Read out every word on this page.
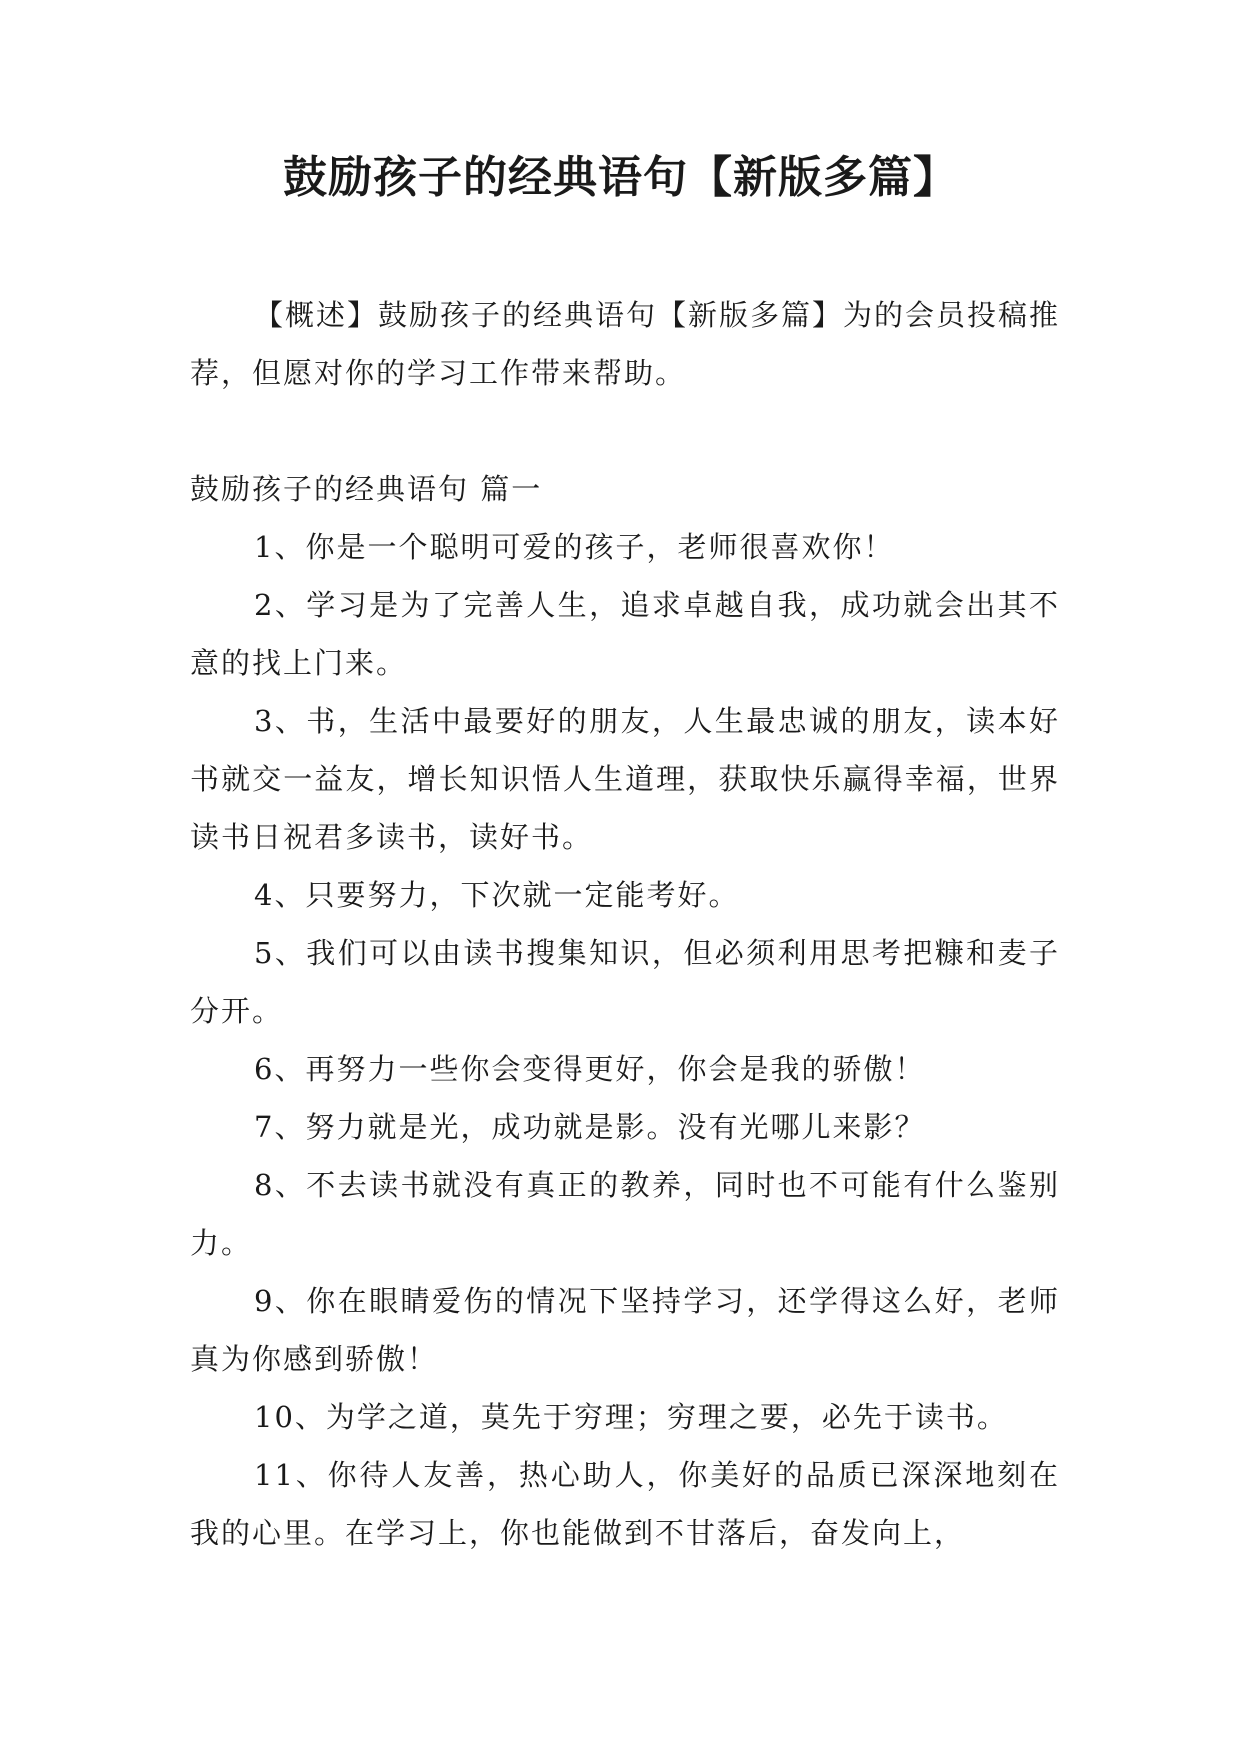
鼓励孩子的经典语句【新版多篇】

【概述】鼓励孩子的经典语句【新版多篇】为的会员投稿推荐，但愿对你的学习工作带来帮助。

鼓励孩子的经典语句 篇一

1、你是一个聪明可爱的孩子，老师很喜欢你！

2、学习是为了完善人生，追求卓越自我，成功就会出其不意的找上门来。

3、书，生活中最要好的朋友，人生最忠诚的朋友，读本好书就交一益友，增长知识悟人生道理，获取快乐赢得幸福，世界读书日祝君多读书，读好书。

4、只要努力，下次就一定能考好。

5、我们可以由读书搜集知识，但必须利用思考把糠和麦子分开。

6、再努力一些你会变得更好，你会是我的骄傲！

7、努力就是光，成功就是影。没有光哪儿来影？

8、不去读书就没有真正的教养，同时也不可能有什么鉴别力。

9、你在眼睛爱伤的情况下坚持学习，还学得这么好，老师真为你感到骄傲！

10、为学之道，莫先于穷理；穷理之要，必先于读书。

11、你待人友善，热心助人，你美好的品质已深深地刻在我的心里。在学习上，你也能做到不甘落后，奋发向上，
